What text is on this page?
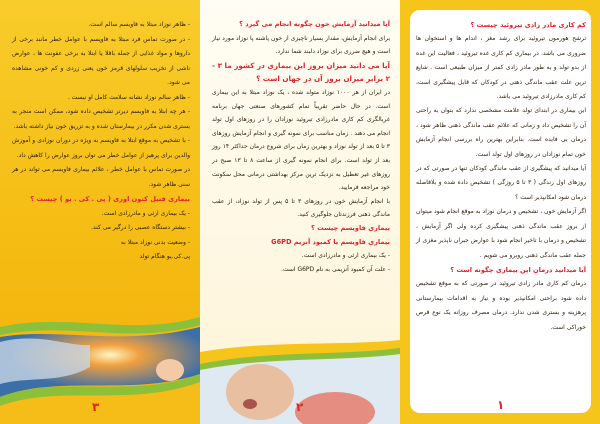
- ظاهر نوزاد مبتلا به فاویسم سالم است.

- در صورت تماس فرد مبتلا به فاویسم با عوامل خطر مانند برخی از داروها و مواد غذایی از جمله باقلا یا ابتلا به برخی عفونت ها ، عوارض ناشی از تخریب سلولهای قرمز خون یعنی زردی و کم خونی مشاهده می شود.

- ظاهر سالم نوزاد نشانه سلامت کامل او نیست .

- هر چه ابتلا به فاویسم دیرتر تشخیص داده شود، ممکن است منجر به بستری شدن مکرر در بیمارستان شده و به تزریق خون نیاز داشته باشد.

- با تشخیص به موقع ابتلا به فاویسم به ویژه در دوران نوزادی و آموزش والدین برای پرهیز از عوامل خطر می توان بروز عوارض را کاهش داد.

در صورت تماس با عوامل خطر ، علائم بیماری فاویسم می تواند در هر سنی ظاهر شود.

بیماری فنیل کتون اوری ( پی . کی . یو ) چیست ؟

- یک بیماری ارثی و مادرزادی است.

- بیشتر دستگاه عصبی را درگیر می کند.

- وضعیت بدنی نوزاد مبتلا به

پی.کی.یو هنگام تولد

۳

آیا میدانید آزمایش خون چگونه انجام می گیرد ؟

برای انجام آزمایش، مقدار بسیار ناچیزی از خون پاشنه پا نوزاد مورد نیاز است و هیچ ضرری برای نوزاد دلبند شما ندارد.

آیا می دانید میزان بروز این بیماری در کشور ما ۳ - ۲ برابر میزان بروز آن در جهان است ؟

در ایران از هر ۱۰۰۰ نوزاد متولد شده ، یک نوزاد مبتلا به این بیماری است. در حال حاضر تقریباً تمام کشورهای صنعتی جهان برنامه غربالگری کم کاری مادرزادی تیروئید نوزادان را در روزهای اول تولد انجام می دهند . زمان مناسب برای نمونه گیری و انجام آزمایش روزهای ۳ تا ۵ بعد از تولد نوزاد و بهترین زمان برای شروع درمان حداکثر ۱۴ روز بعد از تولد است. برای انجام نمونه گیری از ساعت ۸ تا ۱۳ صبح در روزهای غیر تعطیل به نزدیک ترین مرکز بهداشتی درمانی محل سکونت خود مراجعه فرمایید.

با انجام آزمایش خون در روزهای ۳ تا ۵ پس از تولد نوزاد، از عقب ماندگی ذهنی فرزندتان جلوگیری کنید.

بیماری فاویسم چیست ؟

بیماری فاویسم یا کمبود آنزیم G6PD

- یک بیماری ارثی و مادرزادی است.

- علت آن کمبود آنزیمی به نام G6PD است.

۲

کم کاری مادر زادی تیروئید چیست ؟

ترشح هورمون تیروئید برای رشد مغز ، اندام ها و استخوان ها ضروری می باشد. در بیماری کم کاری غده تیروئید ، فعالیت این غده از بدو تولد و به طور مادر زادی کمتر از میزان طبیعی است . شایع ترین علت عقب ماندگی ذهنی در کودکان که قابل پیشگیری است، کم کاری مادرزادی تیروئید می باشد.

این بیماری در ابتدای تولد علامت مشخصی ندارد که بتوان به راحتی آن را تشخیص داد و زمانی که علائم عقب ماندگی ذهنی ظاهر شود ، درمان بی فایده است. بنابراین بهترین راه بررسی انجام آزمایش خون تمام نوزادان در روزهای اول تولد است.

آیا میدانید که پیشگیری از عقب ماندگی کودکان تنها در صورتی که در روزهای اول زندگی ( ۳ تا ۵ روزگی ) تشخیص داده شده و بلافاصله درمان شود امکانپذیر است ؟

اگر آزمایش خون ، تشخیص و درمان نوزاد به موقع انجام شود میتوان از بروز عقب ماندگی ذهنی پیشگیری کرده ولی اگر آزمایش ، تشخیص و درمان با تاخیر انجام شود با عوارض جبران ناپذیر مغزی از جمله عقب ماندگی ذهنی روبرو می شویم .

آیا میدانید درمان این بیماری چگونه است ؟

درمان کم کاری مادر زادی تیروئید در صورتی که به موقع تشخیص داده شود براحتی امکانپذیر بوده و نیاز به اقدامات بیمارستانی پرهزینه و بستری شدن ندارد. درمان مصرف روزانه یک نوع قرص خوراکی است.

۱
